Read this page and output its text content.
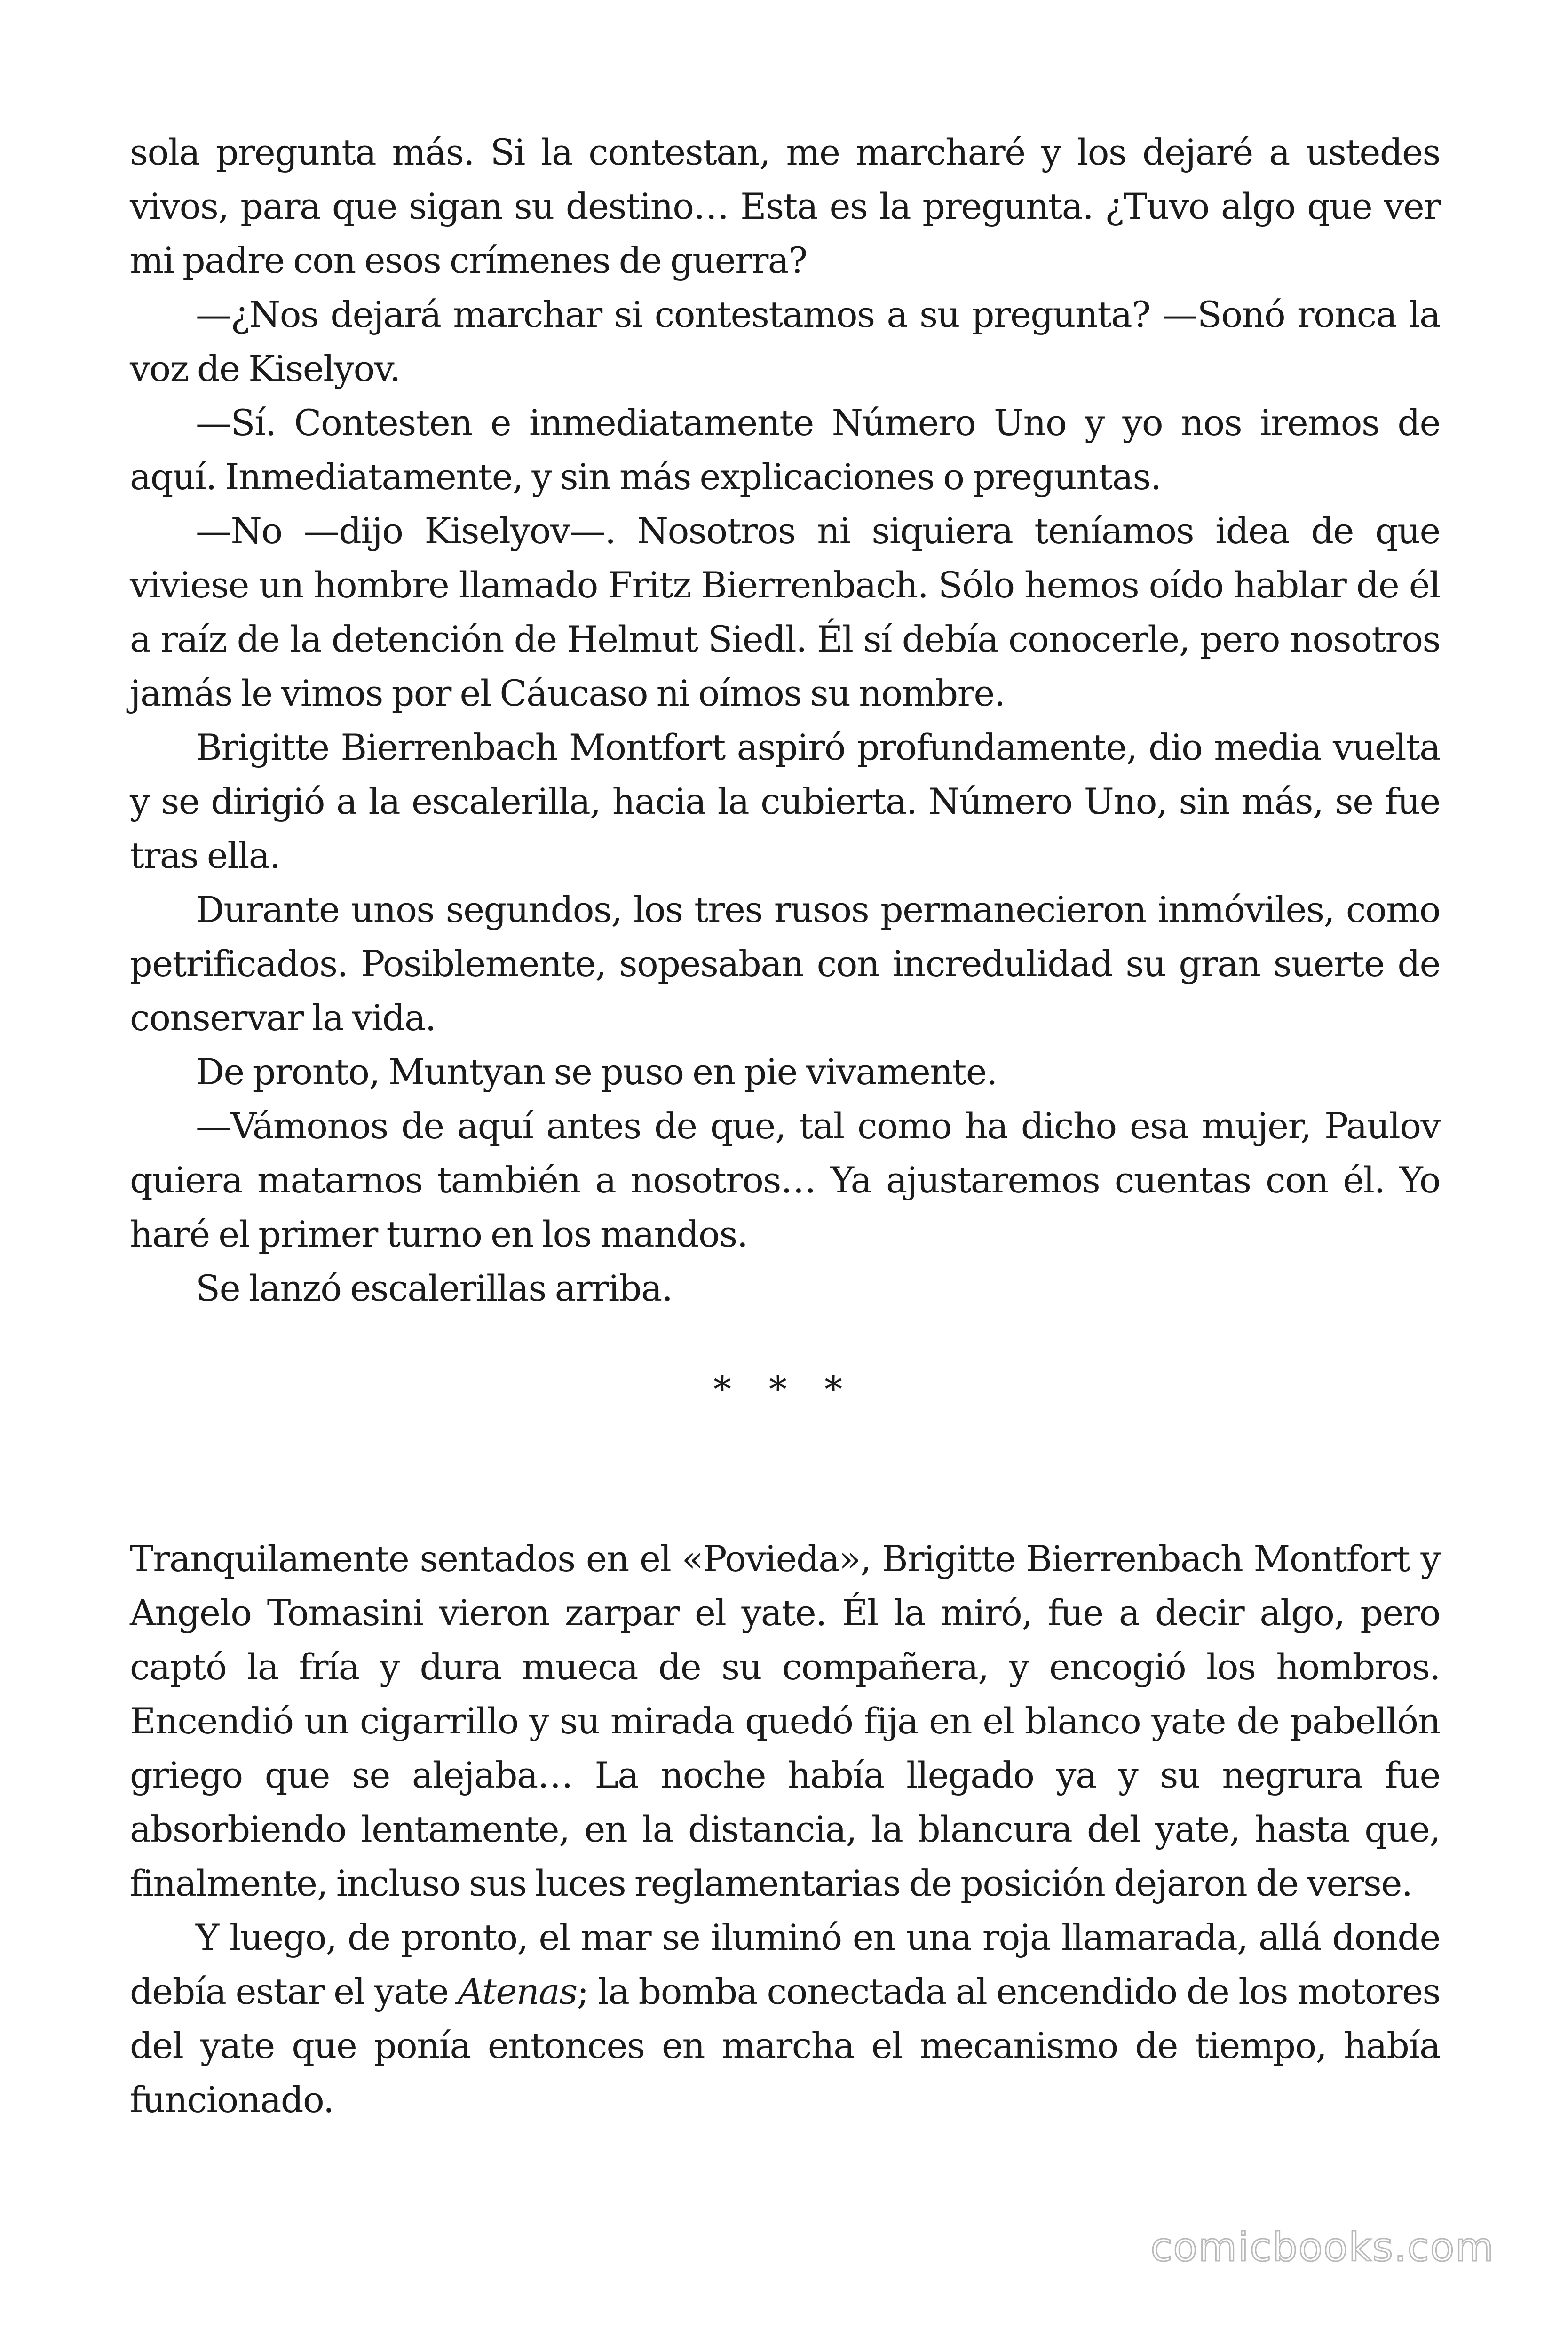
sola pregunta más. Si la contestan, me marcharé y los dejaré a ustedes vivos, para que sigan su destino… Esta es la pregunta. ¿Tuvo algo que ver mi padre con esos crímenes de guerra?

—¿Nos dejará marchar si contestamos a su pregunta? —Sonó ronca la voz de Kiselyov.

—Sí. Contesten e inmediatamente Número Uno y yo nos iremos de aquí. Inmediatamente, y sin más explicaciones o preguntas.

—No —dijo Kiselyov—. Nosotros ni siquiera teníamos idea de que viviese un hombre llamado Fritz Bierrenbach. Sólo hemos oído hablar de él a raíz de la detención de Helmut Siedl. Él sí debía conocerle, pero nosotros jamás le vimos por el Cáucaso ni oímos su nombre.

Brigitte Bierrenbach Montfort aspiró profundamente, dio media vuelta y se dirigió a la escalerilla, hacia la cubierta. Número Uno, sin más, se fue tras ella.

Durante unos segundos, los tres rusos permanecieron inmóviles, como petrificados. Posiblemente, sopesaban con incredulidad su gran suerte de conservar la vida.

De pronto, Muntyan se puso en pie vivamente.

—Vámonos de aquí antes de que, tal como ha dicho esa mujer, Paulov quiera matarnos también a nosotros… Ya ajustaremos cuentas con él. Yo haré el primer turno en los mandos.

Se lanzó escalerillas arriba.

* * *

Tranquilamente sentados en el «Povieda», Brigitte Bierrenbach Montfort y Angelo Tomasini vieron zarpar el yate. Él la miró, fue a decir algo, pero captó la fría y dura mueca de su compañera, y encogió los hombros. Encendió un cigarrillo y su mirada quedó fija en el blanco yate de pabellón griego que se alejaba… La noche había llegado ya y su negrura fue absorbiendo lentamente, en la distancia, la blancura del yate, hasta que, finalmente, incluso sus luces reglamentarias de posición dejaron de verse.

Y luego, de pronto, el mar se iluminó en una roja llamarada, allá donde debía estar el yate Atenas; la bomba conectada al encendido de los motores del yate que ponía entonces en marcha el mecanismo de tiempo, había funcionado.

comicbooks.com
